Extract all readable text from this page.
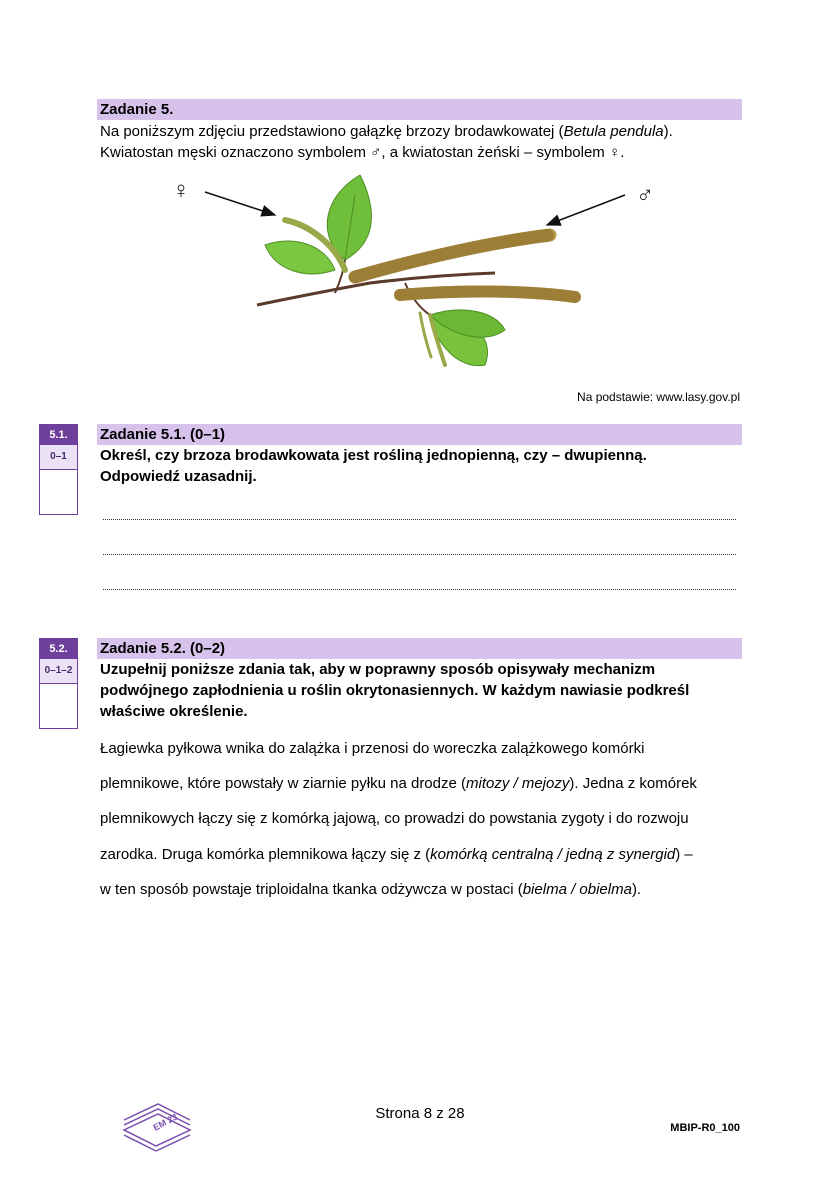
Zadanie 5.
Na poniższym zdjęciu przedstawiono gałązkę brzozy brodawkowatej (Betula pendula).
Kwiatostan męski oznaczono symbolem ♂, a kwiatostan żeński – symbolem ♀.
♀	♂
Na podstawie: www.lasy.gov.pl
5.1.
0–1
Zadanie 5.1. (0–1)
Określ, czy brzoza brodawkowata jest rośliną jednopienną, czy – dwupienną.
Odpowiedź uzasadnij.
5.2.
0–1–2
Zadanie 5.2. (0–2)
Uzupełnij poniższe zdania tak, aby w poprawny sposób opisywały mechanizm
podwójnego zapłodnienia u roślin okrytonasiennych. W każdym nawiasie podkreśl
właściwe określenie.
Łagiewka pyłkowa wnika do zalążka i przenosi do woreczka zalążkowego komórki
plemnikowe, które powstały w ziarnie pyłku na drodze (mitozy / mejozy). Jedna z komórek
plemnikowych łączy się z komórką jajową, co prowadzi do powstania zygoty i do rozwoju
zarodka. Druga komórka plemnikowa łączy się z (komórką centralną / jedną z synergid) –
w ten sposób powstaje triploidalna tkanka odżywcza w postaci (bielma / obielma).
EM 23	Strona 8 z 28
MBIP-R0_100
